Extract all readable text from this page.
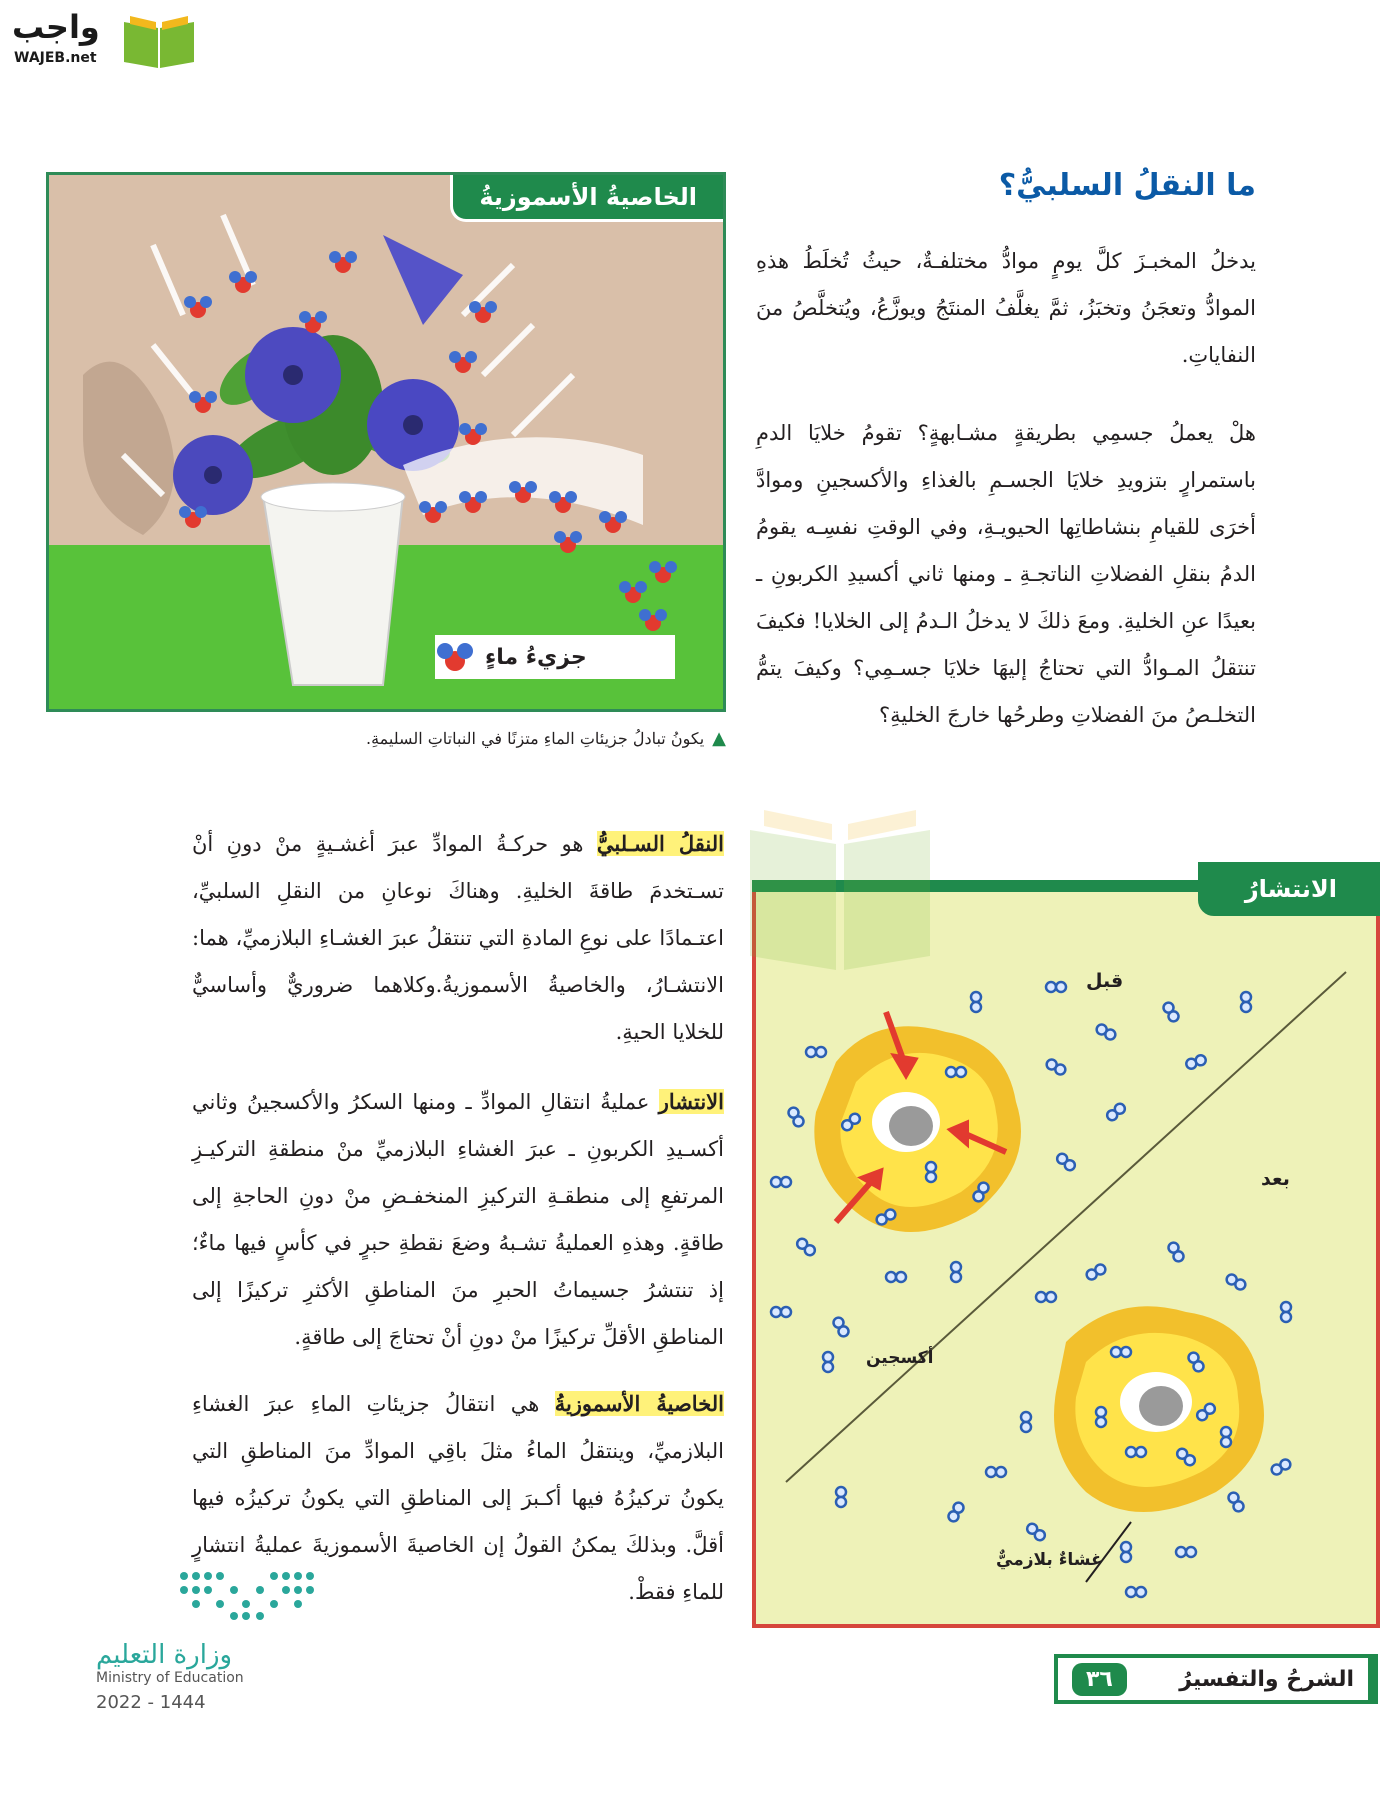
واجب
WAJEB.net
ما النقلُ السلبيُّ؟

يدخلُ المخبـزَ كلَّ يومٍ موادُّ مختلفـةٌ، حيثُ تُخلَطُ هذهِ الموادُّ وتعجَنُ وتخبَزُ، ثمَّ يغلَّفُ المنتَجُ ويوزَّعُ، ويُتخلَّصُ منَ النفاياتِ.

هلْ يعملُ جسمِي بطريقةٍ مشـابهةٍ؟ تقومُ خلايَا الدمِ باستمرارٍ بتزويدِ خلايَا الجسـمِ بالغذاءِ والأكسجينِ وموادَّ أخرَى للقيامِ بنشاطاتِها الحيويـةِ، وفي الوقتِ نفسِـه يقومُ الدمُ بنقلِ الفضلاتِ الناتجـةِ ـ ومنها ثاني أكسيدِ الكربونِ ـ بعيدًا عنِ الخليةِ. ومعَ ذلكَ لا يدخلُ الـدمُ إلى الخلايا! فكيفَ تنتقلُ المـوادُّ التي تحتاجُ إليهَا خلايَا جسـمِي؟ وكيفَ يتمُّ التخلـصُ منَ الفضلاتِ وطرحُها خارجَ الخليةِ؟

الخاصيةُ الأسموزيةُ
جزيءُ ماءٍ
▲
يكونُ تبادلُ جزيئاتِ الماءِ متزنًا في النباتاتِ السليمةِ.

النقلُ السـلبيُّ هو حركـةُ الموادِّ عبرَ أغشـيةٍ منْ دونِ أنْ تسـتخدمَ طاقةَ الخليةِ. وهناكَ نوعانِ من النقلِ السلبيِّ، اعتـمادًا على نوعِ المادةِ التي تنتقلُ عبرَ الغشـاءِ البلازميِّ، هما: الانتشـارُ، والخاصيةُ الأسموزيةُ.وكلاهما ضروريٌّ وأساسيٌّ للخلايا الحيةِ.

الانتشار عمليةُ انتقالِ الموادِّ ـ ومنها السكرُ والأكسجينُ وثاني أكسـيدِ الكربونِ ـ عبرَ الغشاءِ البلازميِّ منْ منطقةِ التركيـزِ المرتفعِ إلى منطقـةِ التركيزِ المنخفـضِ منْ دونِ الحاجةِ إلى طاقةٍ. وهذهِ العمليةُ تشـبهُ وضعَ نقطةِ حبرٍ في كأسٍ فيها ماءٌ؛ إذ تنتشرُ جسيماتُ الحبرِ منَ المناطقِ الأكثرِ تركيزًا إلى المناطقِ الأقلِّ تركيزًا منْ دونِ أنْ تحتاجَ إلى طاقةٍ.

الخاصيةُ الأسموزيةُ هي انتقالُ جزيئاتِ الماءِ عبرَ الغشاءِ البلازميِّ، وينتقلُ الماءُ مثلَ باقِي الموادِّ منَ المناطقِ التي يكونُ تركيزُهُ فيها أكـبرَ إلى المناطقِ التي يكونُ تركيزُه فيها أقلَّ. وبذلكَ يمكنُ القولُ إن الخاصيةَ الأسموزيةَ عمليةُ انتشارٍ للماءِ فقطْ.

الانتشارُ
قبل
بعد
أكسجين
غشاءٌ بلازميٌّ
وزارة التعليم
Ministry of Education
2022 - 1444
الشرحُ والتفسيرُ
٣٦
